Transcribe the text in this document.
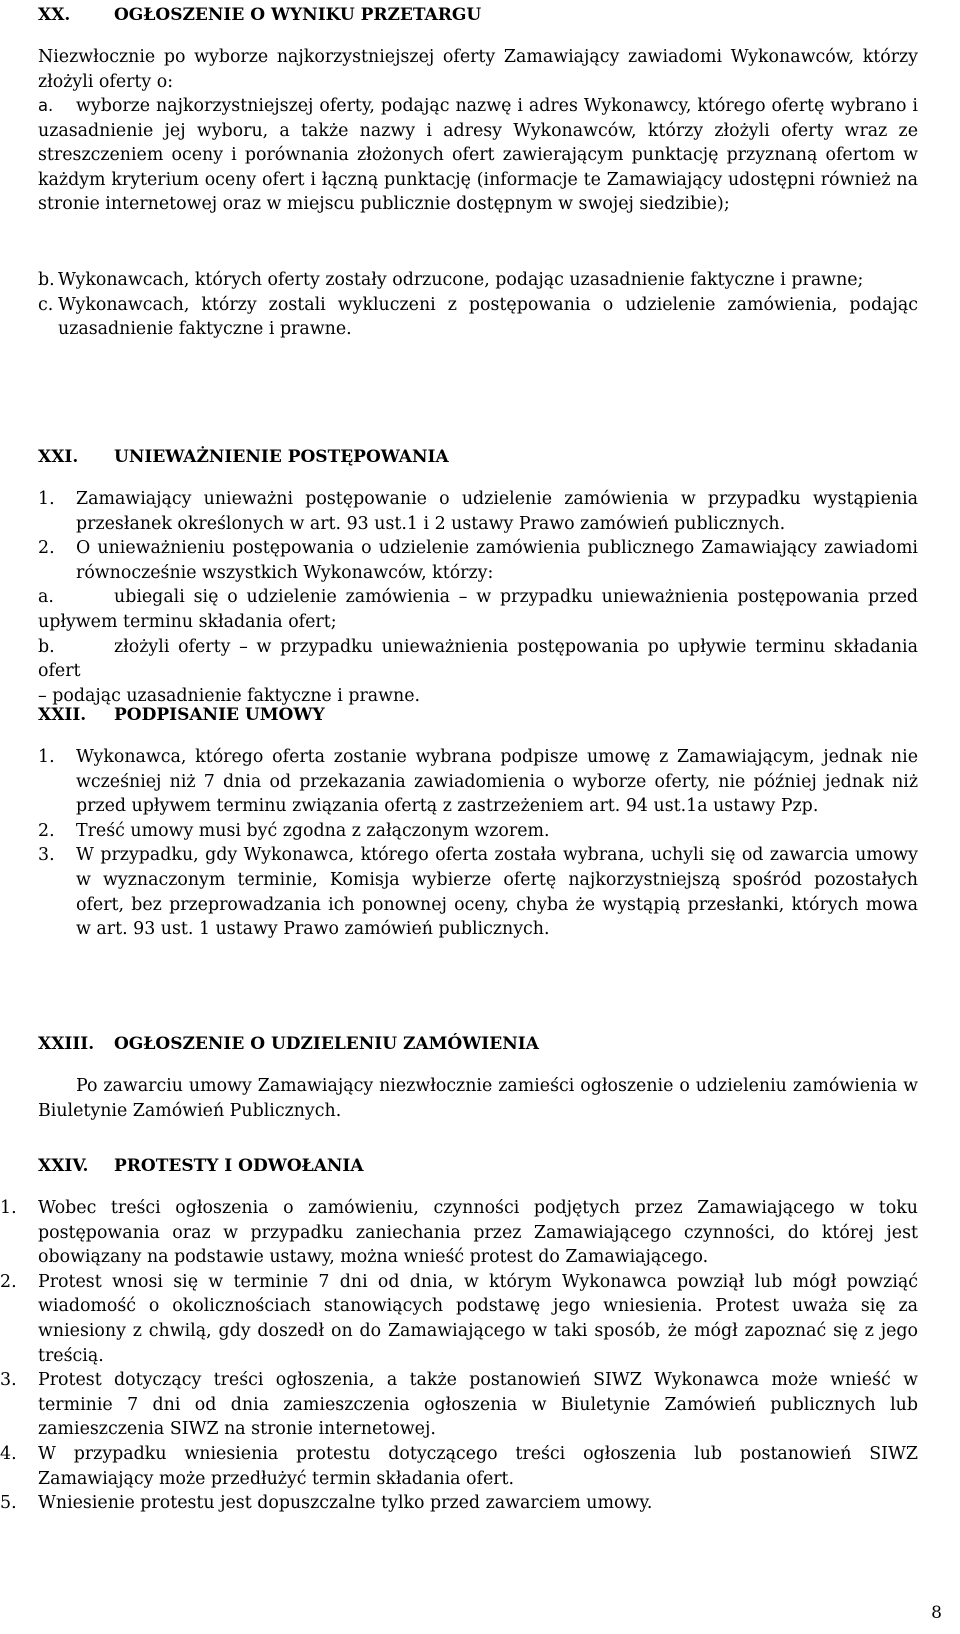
XX.	OGŁOSZENIE O WYNIKU PRZETARGU

Niezwłocznie po wyborze najkorzystniejszej oferty Zamawiający zawiadomi Wykonawców, którzy złożyli oferty o:

a.	wyborze najkorzystniejszej oferty, podając nazwę i adres Wykonawcy, którego ofertę wybrano i uzasadnienie jej wyboru, a także nazwy i adresy Wykonawców, którzy złożyli oferty wraz ze streszczeniem oceny i porównania złożonych ofert zawierającym punktację przyznaną ofertom w każdym kryterium oceny ofert i łączną punktację (informacje te Zamawiający udostępni również na stronie internetowej oraz w miejscu publicznie dostępnym w swojej siedzibie);
b. Wykonawcach, których oferty zostały odrzucone, podając uzasadnienie faktyczne i prawne;
c. Wykonawcach, którzy zostali wykluczeni z postępowania o udzielenie zamówienia, podając uzasadnienie faktyczne i prawne.
XXI. UNIEWAŻNIENIE POSTĘPOWANIA
1.	Zamawiający unieważni postępowanie o udzielenie zamówienia w przypadku wystąpienia przesłanek określonych w art. 93 ust.1 i 2 ustawy Prawo zamówień publicznych.
2.	O unieważnieniu postępowania o udzielenie zamówienia publicznego Zamawiający zawiadomi równocześnie wszystkich Wykonawców, którzy:
a.	ubiegali się o udzielenie zamówienia – w przypadku unieważnienia postępowania przed upływem terminu składania ofert;
b.	złożyli oferty – w przypadku unieważnienia postępowania po upływie terminu składania ofert

– podając uzasadnienie faktyczne i prawne.

XXII. PODPISANIE UMOWY
1.	Wykonawca, którego oferta zostanie wybrana podpisze umowę z Zamawiającym, jednak nie wcześniej niż 7 dnia od przekazania zawiadomienia o wyborze oferty, nie później jednak niż przed upływem terminu związania ofertą z zastrzeżeniem art. 94 ust.1a ustawy Pzp.
2.	Treść umowy musi być zgodna z załączonym wzorem.
3.	W przypadku, gdy Wykonawca, którego oferta została wybrana, uchyli się od zawarcia umowy w wyznaczonym terminie, Komisja wybierze ofertę najkorzystniejszą spośród pozostałych ofert, bez przeprowadzania ich ponownej oceny, chyba że wystąpią przesłanki, których mowa w art. 93 ust. 1 ustawy Prawo zamówień publicznych.
XXIII. OGŁOSZENIE O UDZIELENIU ZAMÓWIENIA

Po zawarciu umowy Zamawiający niezwłocznie zamieści ogłoszenie o udzieleniu zamówienia w Biuletynie Zamówień Publicznych.

XXIV. PROTESTY I ODWOŁANIA
1.	Wobec treści ogłoszenia o zamówieniu, czynności podjętych przez Zamawiającego w toku postępowania oraz w przypadku zaniechania przez Zamawiającego czynności, do której jest obowiązany na podstawie ustawy, można wnieść protest do Zamawiającego.
2.	Protest wnosi się w terminie 7 dni od dnia, w którym Wykonawca powziął lub mógł powziąć wiadomość o okolicznościach stanowiących podstawę jego wniesienia. Protest uważa się za wniesiony z chwilą, gdy doszedł on do Zamawiającego w taki sposób, że mógł zapoznać się z jego treścią.
3.	Protest dotyczący treści ogłoszenia, a także postanowień SIWZ Wykonawca może wnieść w terminie 7 dni od dnia zamieszczenia ogłoszenia w Biuletynie Zamówień publicznych lub zamieszczenia SIWZ na stronie internetowej.
4.	W przypadku wniesienia protestu dotyczącego treści ogłoszenia lub postanowień SIWZ Zamawiający może przedłużyć termin składania ofert.
5.	Wniesienie protestu jest dopuszczalne tylko przed zawarciem umowy.
8
